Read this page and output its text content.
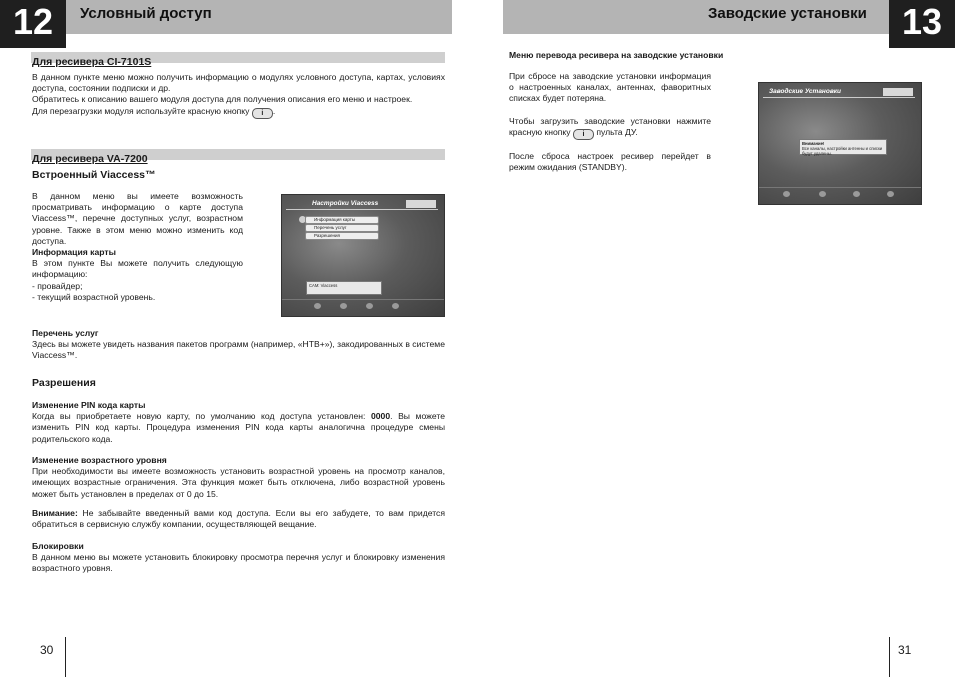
12	Условный доступ	Заводские установки 13
Для ресивера CI-7101S

В данном пункте меню можно получить информацию о модулях условного доступа, картах, условиях доступа, состоянии подписки и др.

Обратитесь к описанию вашего модуля доступа для получения описания его меню и настроек.

Для перезагрузки модуля используйте красную кнопку i .

Для ресивера VA-7200
Встроенный Viaccess™

В данном меню вы имеете возможность просматривать информацию о карте доступа Viaccess™, перечне доступных услуг, возрастном уровне. Также в этом меню можно изменить код доступа.

Информация карты

В этом пункте Вы можете получить следующую информацию:

- провайдер;

- текущий возрастной уровень.

Настройки Viaccess
Информация карты
Перечень услуг
Разрешения
CAM: Viaccess

Перечень услуг

Здесь вы можете увидеть названия пакетов программ (например, «НТВ+»), закодированных в системе Viaccess™.

Разрешения

Изменение PIN кода карты

Когда вы приобретаете новую карту, по умолчанию код доступа установлен: 0000. Вы можете изменить PIN код карты. Процедура изменения PIN кода карты аналогична процедуре смены родительского кода.

Изменение возрастного уровня

При необходимости вы имеете возможность установить возрастной уровень на просмотр каналов, имеющих возрастные ограничения. Эта функция может быть отключена, либо возрастной уровень может быть установлен в пределах от 0 до 15.

Внимание: Не забывайте введенный вами код доступа. Если вы его забудете, то вам придется обратиться в сервисную службу компании, осуществляющей вещание.

Блокировки

В данном меню вы можете установить блокировку просмотра перечня услуг и блокировку изменения возрастного уровня.

Меню перевода ресивера на заводские установки

При сбросе на заводские установки информация о настроенных каналах, антеннах, фаворитных списках будет потеряна.

Чтобы загрузить заводские установки нажмите красную кнопку i пульта ДУ.

После сброса настроек ресивер перейдет в режим ожидания (STANDBY).

Заводские Установки
Внимание!
Все каналы, настройки антенны и списки будут удалены.
30	31
